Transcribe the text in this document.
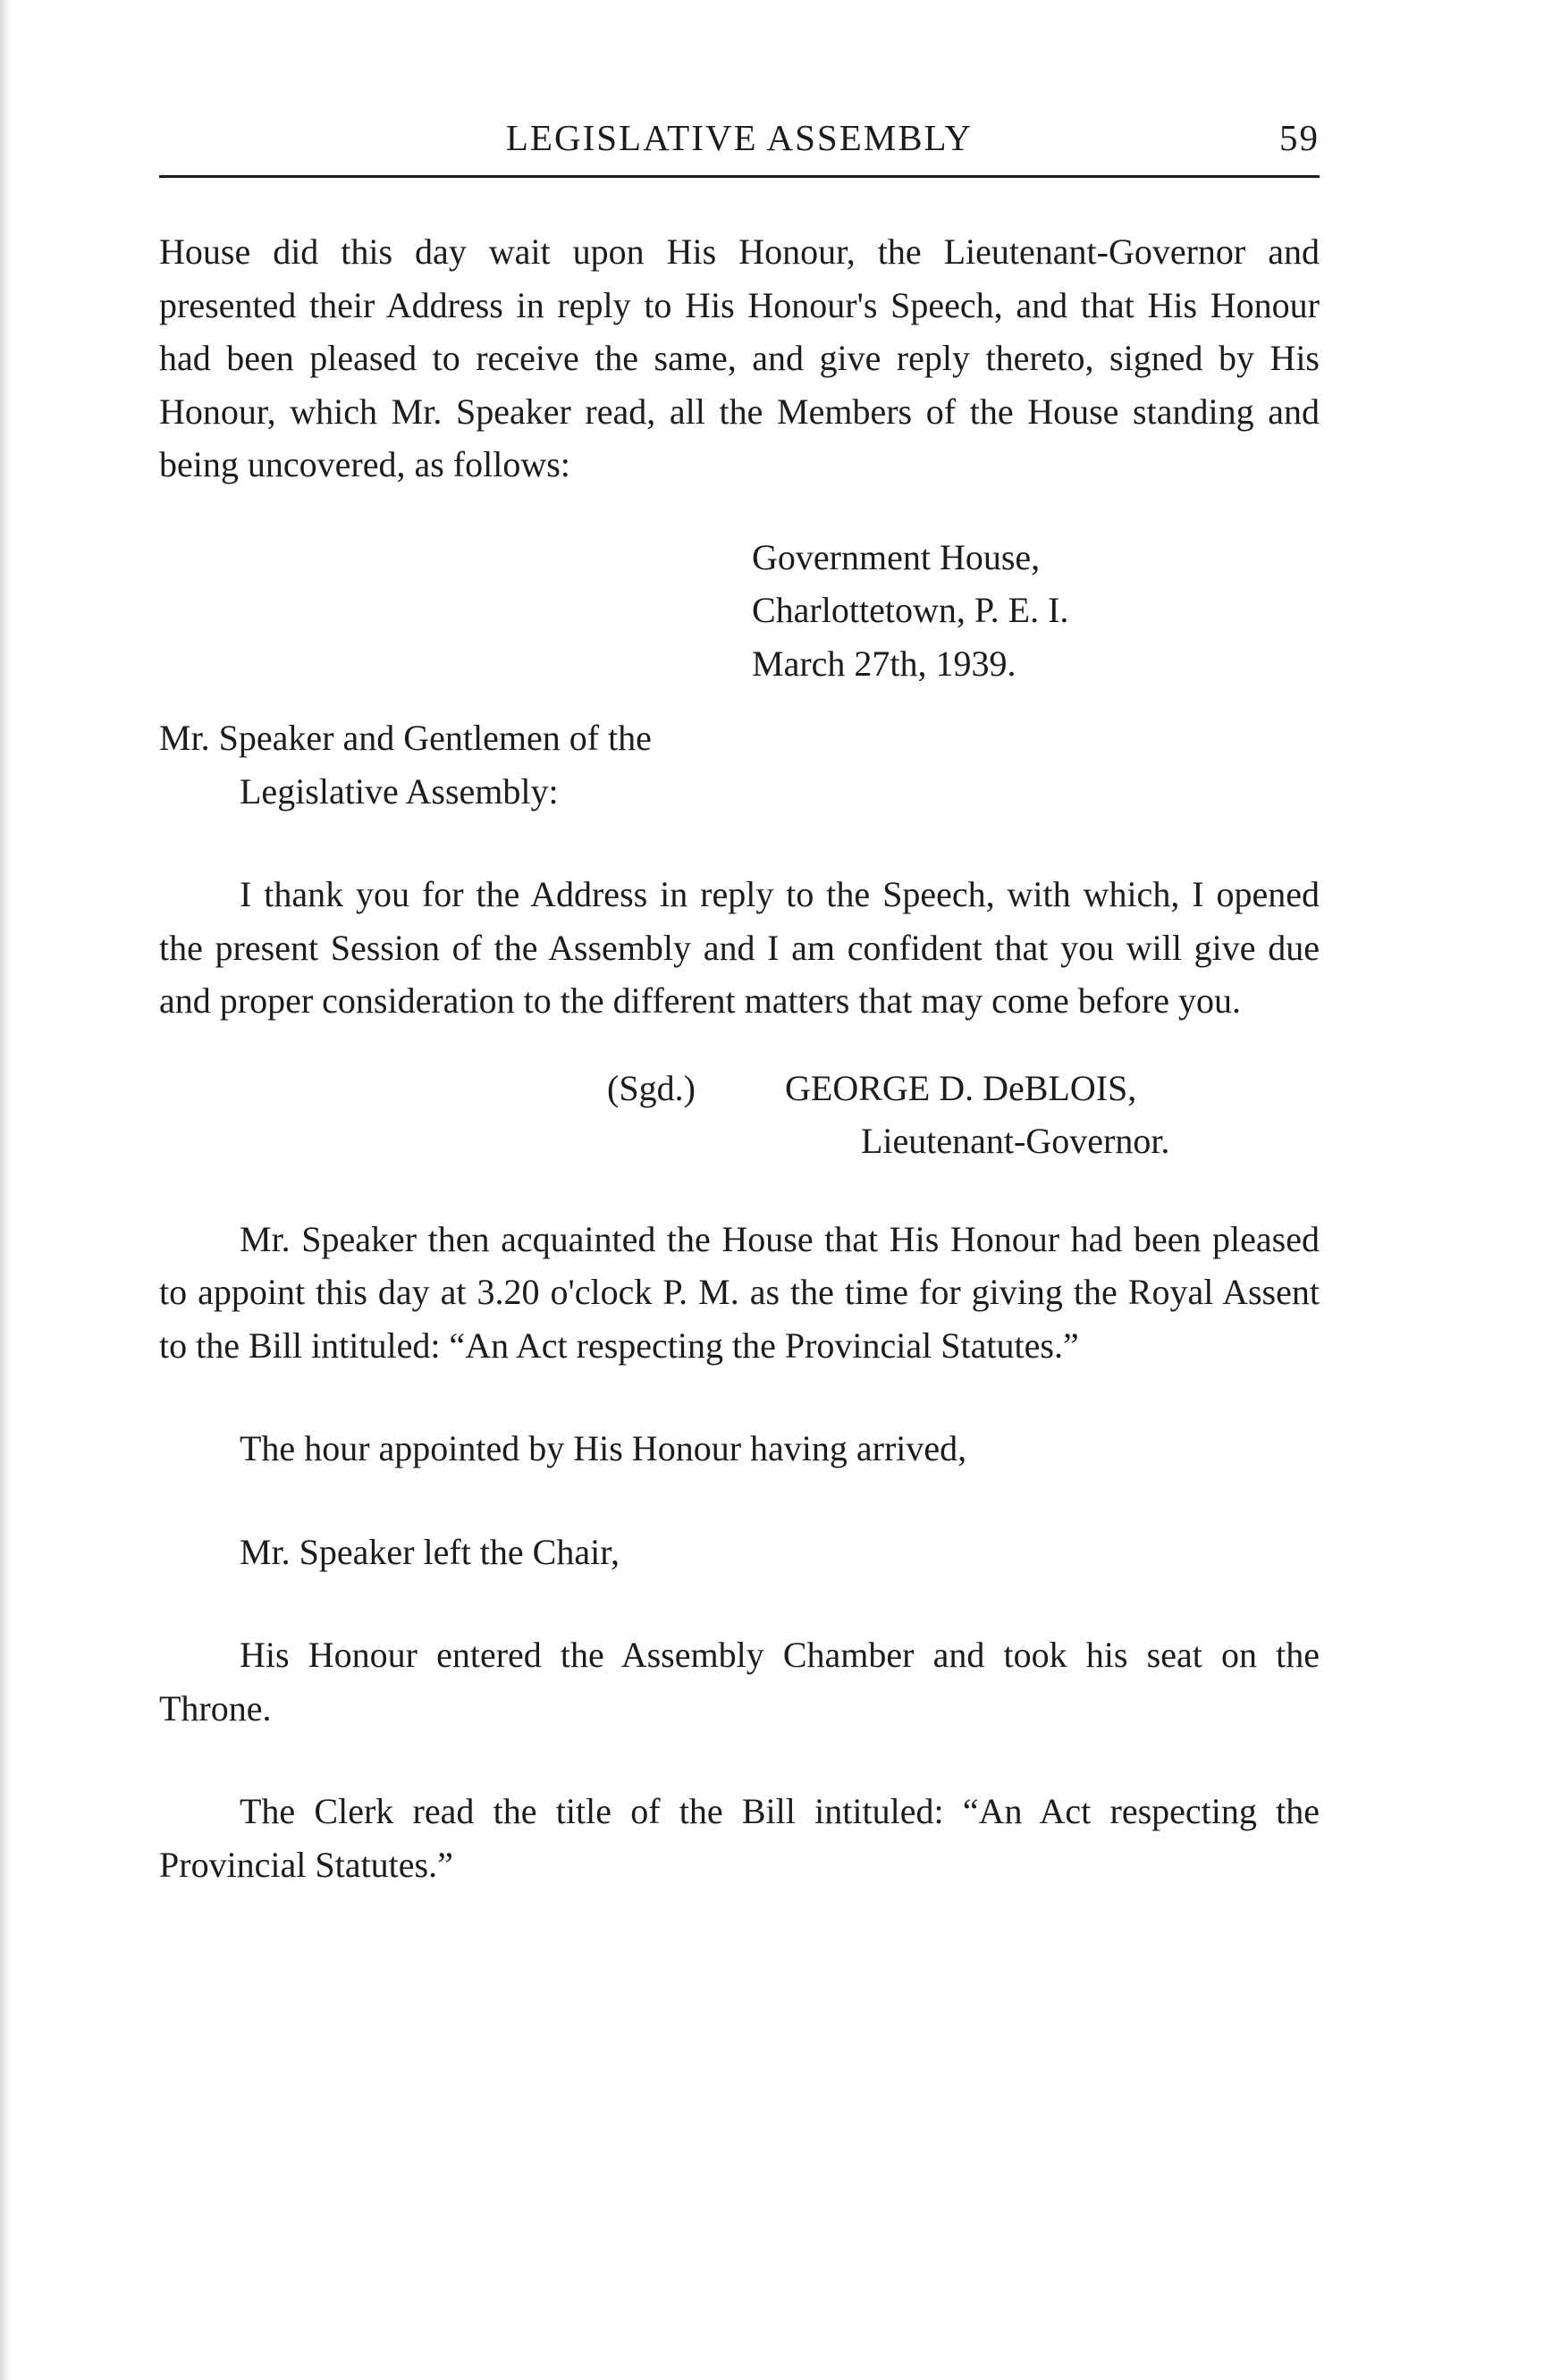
LEGISLATIVE ASSEMBLY	59

House did this day wait upon His Honour, the Lieutenant-Governor and presented their Address in reply to His Honour's Speech, and that His Honour had been pleased to receive the same, and give reply thereto, signed by His Honour, which Mr. Speaker read, all the Members of the House standing and being uncovered, as follows:

Government House,
Charlottetown, P. E. I.
March 27th, 1939.
Mr. Speaker and Gentlemen of the
Legislative Assembly:

I thank you for the Address in reply to the Speech, with which, I opened the present Session of the Assembly and I am confident that you will give due and proper consideration to the different matters that may come before you.

(Sgd.)	GEORGE D. DeBLOIS,
Lieutenant-Governor.

Mr. Speaker then acquainted the House that His Honour had been pleased to appoint this day at 3.20 o'clock P. M. as the time for giving the Royal Assent to the Bill intituled: “An Act respecting the Provincial Statutes.”

The hour appointed by His Honour having arrived,

Mr. Speaker left the Chair,

His Honour entered the Assembly Chamber and took his seat on the Throne.

The Clerk read the title of the Bill intituled: “An Act respecting the Provincial Statutes.”
